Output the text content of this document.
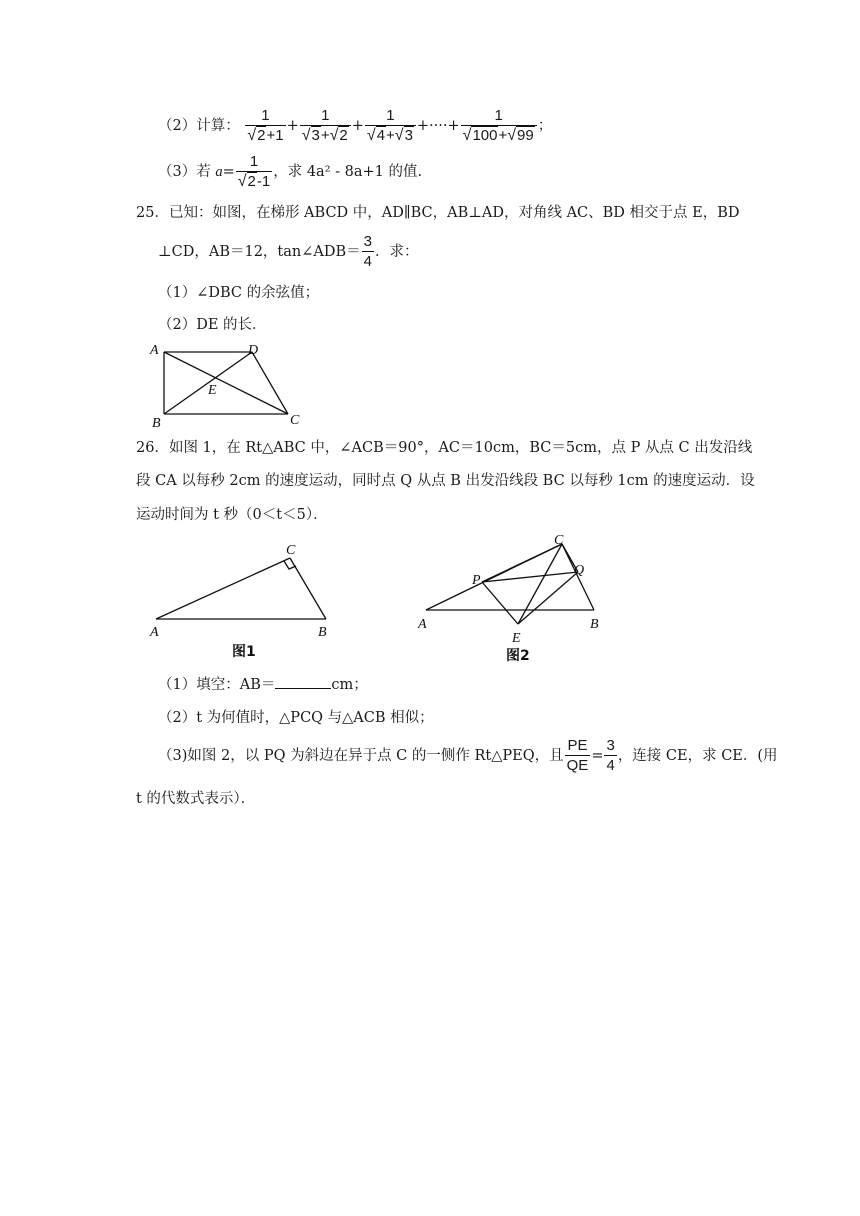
（2）计算： $\frac{1}{√2+1} + \frac{1}{√3+√2} + \frac{1}{√4+√3}$ +····+ $\frac{1}{√100+√99}$ ；
（3）若 $a= \frac{1}{√2-1}$ ，求 4a² - 8a+1 的值.
25．已知：如图，在梯形 ABCD 中，AD∥BC，AB⊥AD，对角线 AC、BD 相交于点 E，BD
⊥CD，AB＝12，tan∠ADB＝ $\frac{3}{4}$ ．求：
（1）∠DBC 的余弦值；
（2）DE 的长．
A	D
E
B	C
26．如图 1，在 Rt△ABC 中，∠ACB＝90°，AC＝10cm，BC＝5cm，点 P 从点 C 出发沿线
段 CA 以每秒 2cm 的速度运动，同时点 Q 从点 B 出发沿线段 BC 以每秒 1cm 的速度运动．设
运动时间为 t 秒（0＜t＜5）．
A	B
C
图1
A	B
C
P
Q
E
图2
（1）填空：AB＝	cm；
（2）t 为何值时，△PCQ 与△ACB 相似；
（3)如图 2，以 PQ 为斜边在异于点 C 的一侧作 Rt△PEQ，且 $\frac{PE}{QE} = \frac{3}{4}$ ，连接 CE，求 CE．(用
t 的代数式表示）．
